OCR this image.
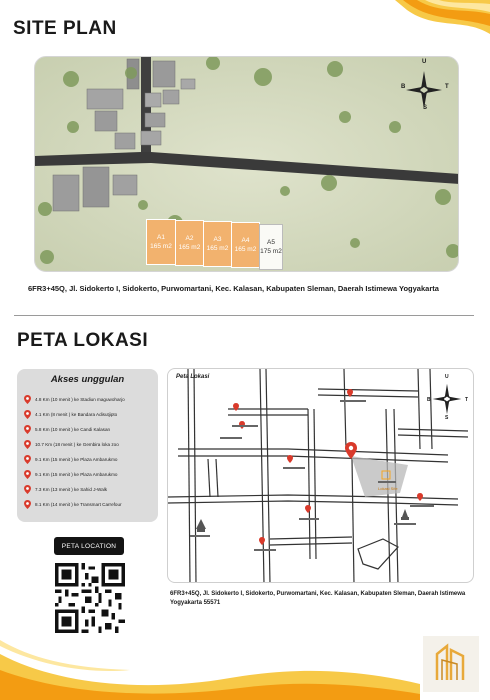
SITE PLAN
U
S
B	T
A1
165 m2
A2
165 m2
A3
165 m2
A4
165 m2
A5
175 m2
6FR3+45Q, Jl. Sidokerto I, Sidokerto, Purwomartani, Kec. Kalasan, Kabupaten Sleman, Daerah Istimewa Yogyakarta
PETA LOKASI
Akses unggulan
4.8 Km (10 menit ) ke Stadiun maguwoharjo
4.1 Km (8 menit ) ke Bandara Adisutjipto
5.8 Km (10 menit ) ke Candi Kalasan
10.7 Km (18 menit ) ke Gembira loka zoo
9.1 Km (15 menit ) ke Plaza Ambarukmo
9.1 Km (15 menit ) ke Plaza Ambarukmo
7.3 Km (13 menit ) ke Sahid J-Walk
8.1 Km (14 menit ) ke Transmart Carrefour
PETA LOCATION
Peta Lokasi
Lokasi Site
U
S
B	T
6FR3+45Q, Jl. Sidokerto I, Sidokerto, Purwomartani, Kec. Kalasan, Kabupaten Sleman, Daerah Istimewa Yogyakarta 55571
